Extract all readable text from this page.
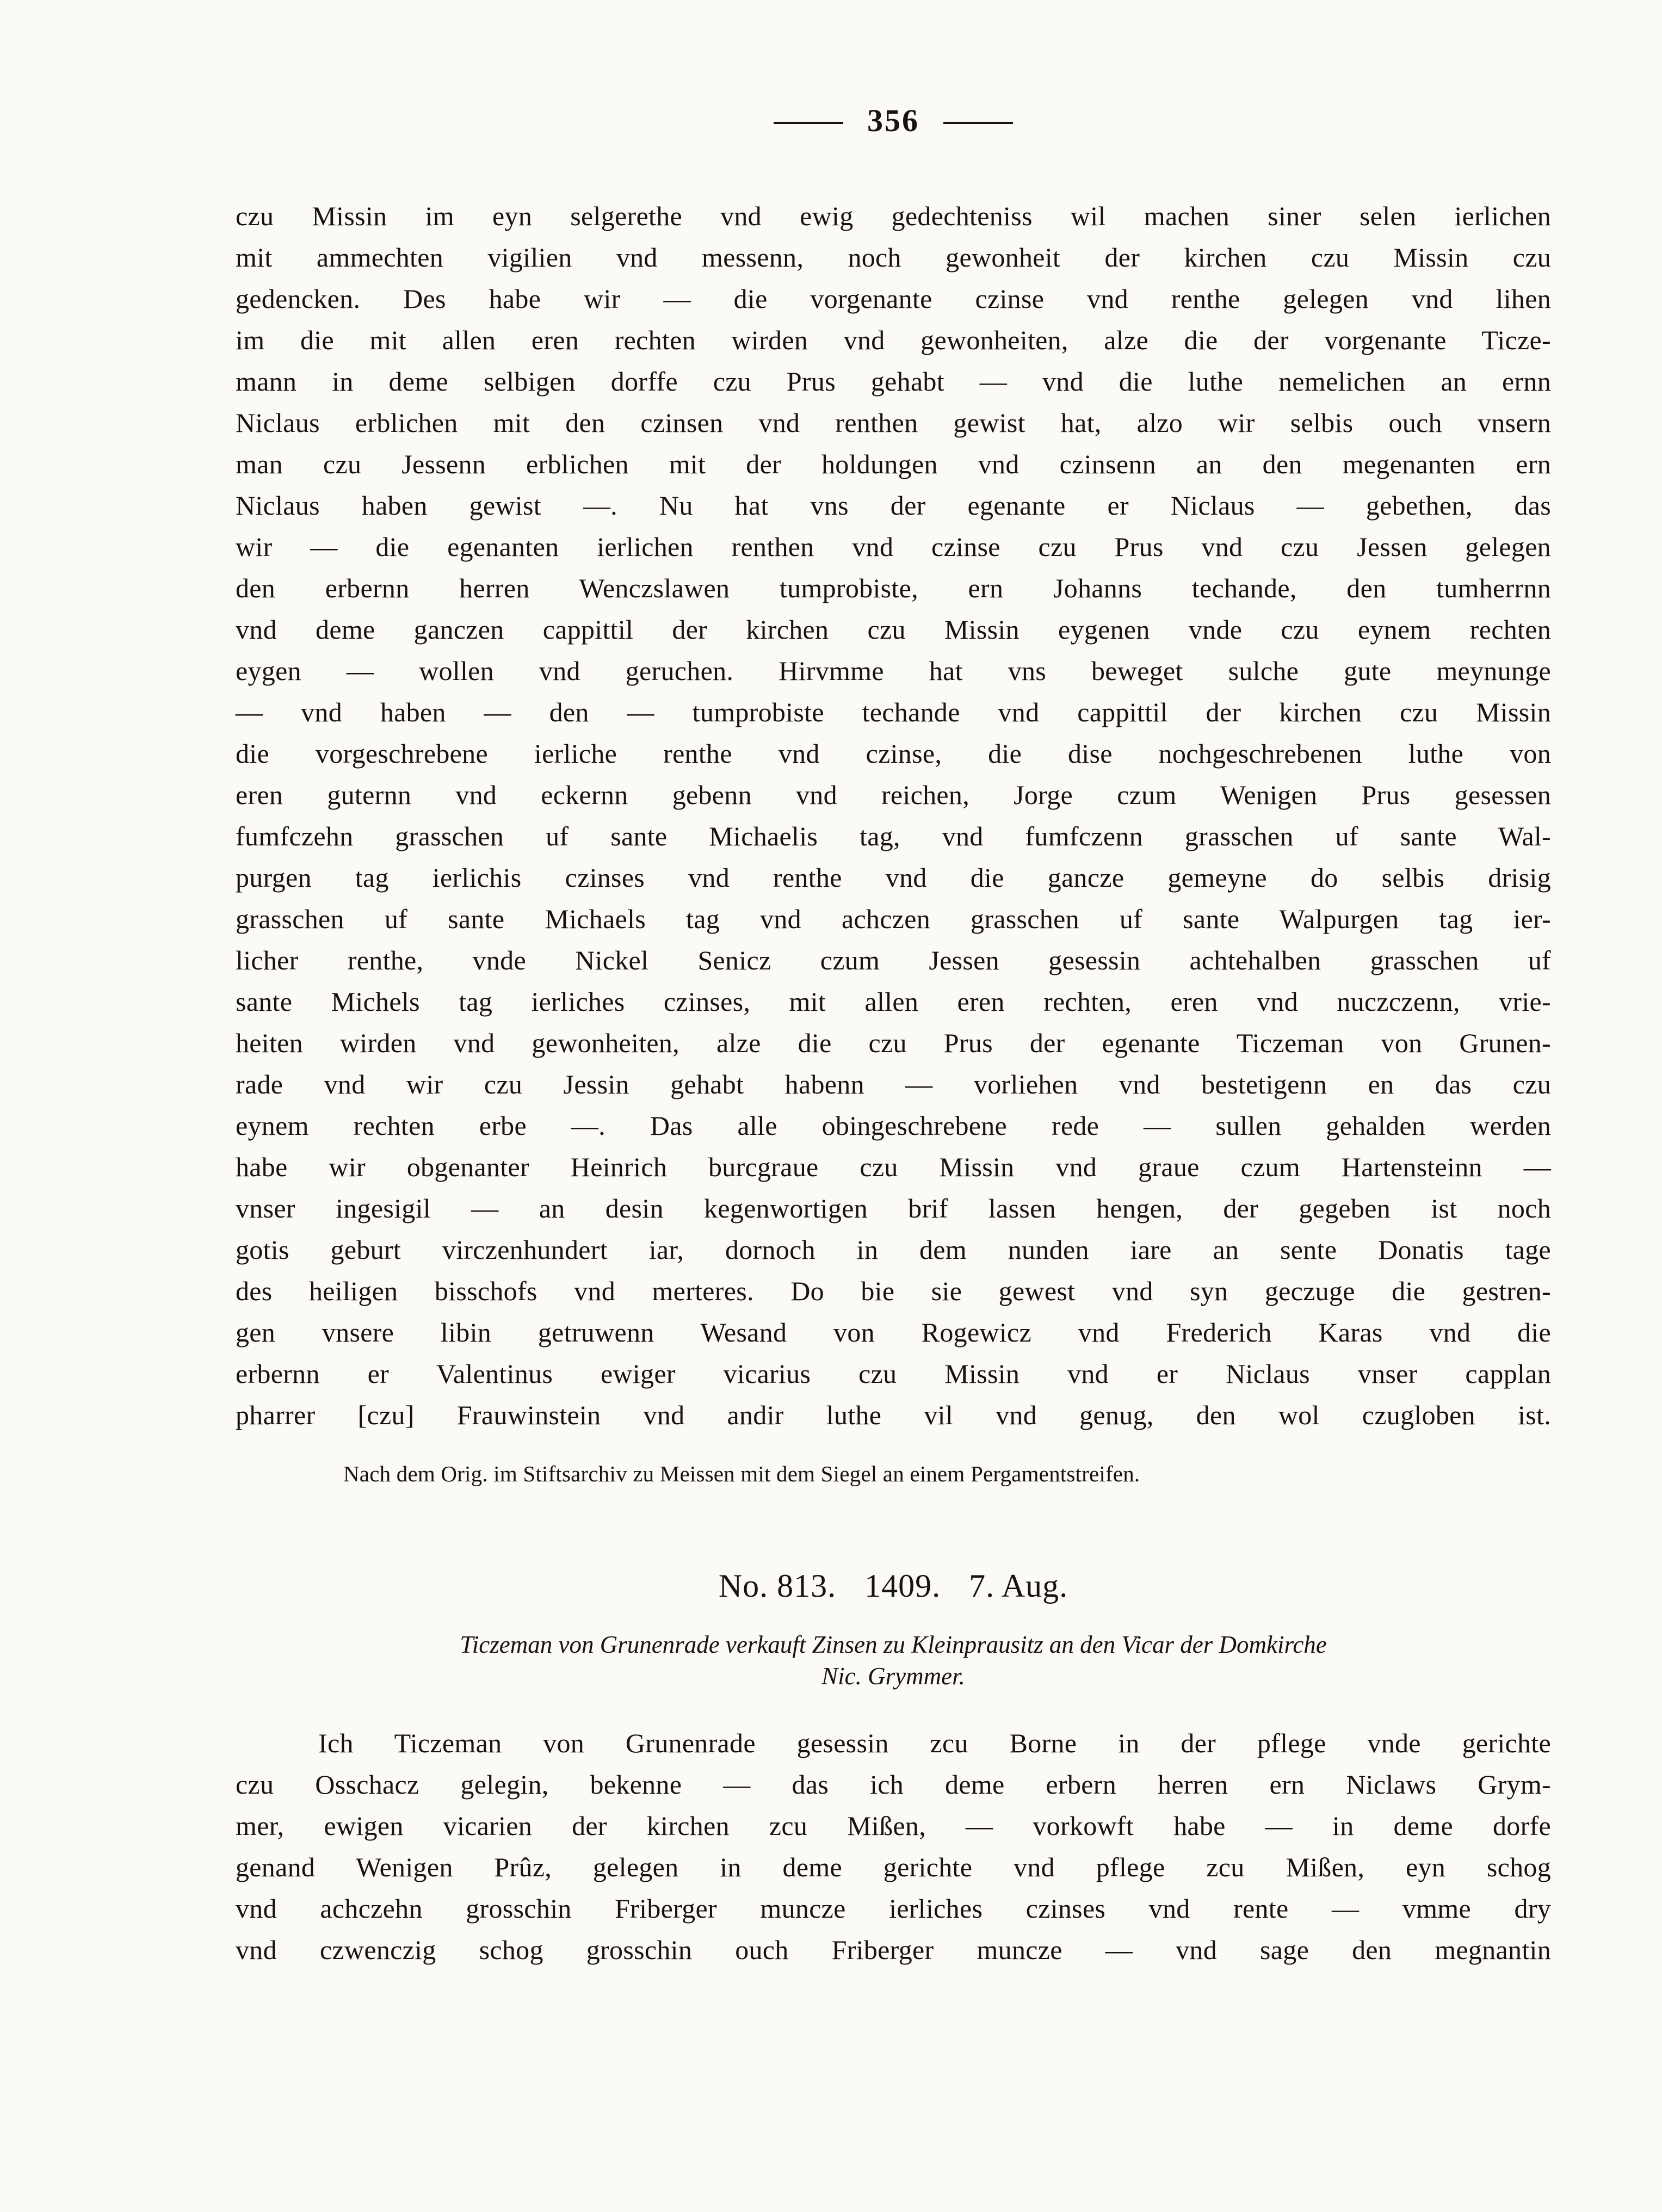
356
czu Missin im eyn selgerethe vnd ewig gedechteniss wil machen siner selen ierlichen
mit ammechten vigilien vnd messenn, noch gewonheit der kirchen czu Missin czu
gedencken. Des habe wir — die vorgenante czinse vnd renthe gelegen vnd lihen
im die mit allen eren rechten wirden vnd gewonheiten, alze die der vorgenante Ticze-
mann in deme selbigen dorffe czu Prus gehabt — vnd die luthe nemelichen an ernn
Niclaus erblichen mit den czinsen vnd renthen gewist hat, alzo wir selbis ouch vnsern
man czu Jessenn erblichen mit der holdungen vnd czinsenn an den megenanten ern
Niclaus haben gewist —. Nu hat vns der egenante er Niclaus — gebethen, das
wir — die egenanten ierlichen renthen vnd czinse czu Prus vnd czu Jessen gelegen
den erbernn herren Wenczslawen tumprobiste, ern Johanns techande, den tumherrnn
vnd deme ganczen cappittil der kirchen czu Missin eygenen vnde czu eynem rechten
eygen — wollen vnd geruchen. Hirvmme hat vns beweget sulche gute meynunge
— vnd haben — den — tumprobiste techande vnd cappittil der kirchen czu Missin
die vorgeschrebene ierliche renthe vnd czinse, die dise nochgeschrebenen luthe von
eren guternn vnd eckernn gebenn vnd reichen, Jorge czum Wenigen Prus gesessen
fumfczehn grasschen uf sante Michaelis tag, vnd fumfczenn grasschen uf sante Wal-
purgen tag ierlichis czinses vnd renthe vnd die gancze gemeyne do selbis drisig
grasschen uf sante Michaels tag vnd achczen grasschen uf sante Walpurgen tag ier-
licher renthe, vnde Nickel Senicz czum Jessen gesessin achtehalben grasschen uf
sante Michels tag ierliches czinses, mit allen eren rechten, eren vnd nuczczenn, vrie-
heiten wirden vnd gewonheiten, alze die czu Prus der egenante Ticzeman von Grunen-
rade vnd wir czu Jessin gehabt habenn — vorliehen vnd bestetigenn en das czu
eynem rechten erbe —. Das alle obingeschrebene rede — sullen gehalden werden
habe wir obgenanter Heinrich burcgraue czu Missin vnd graue czum Hartensteinn —
vnser ingesigil — an desin kegenwortigen brif lassen hengen, der gegeben ist noch
gotis geburt virczenhundert iar, dornoch in dem nunden iare an sente Donatis tage
des heiligen bisschofs vnd merteres. Do bie sie gewest vnd syn geczuge die gestren-
gen vnsere libin getruwenn Wesand von Rogewicz vnd Frederich Karas vnd die
erbernn er Valentinus ewiger vicarius czu Missin vnd er Niclaus vnser capplan
pharrer [czu] Frauwinstein vnd andir luthe vil vnd genug, den wol czugloben ist.

Nach dem Orig. im Stiftsarchiv zu Meissen mit dem Siegel an einem Pergamentstreifen.

No. 813. 1409. 7. Aug.
Ticzeman von Grunenrade verkauft Zinsen zu Kleinprausitz an den Vicar der Domkirche
Nic. Grymmer.
Ich Ticzeman von Grunenrade gesessin zcu Borne in der pflege vnde gerichte
czu Osschacz gelegin, bekenne — das ich deme erbern herren ern Niclaws Grym-
mer, ewigen vicarien der kirchen zcu Mißen, — vorkowft habe — in deme dorfe
genand Wenigen Prûz, gelegen in deme gerichte vnd pflege zcu Mißen, eyn schog
vnd achczehn grosschin Friberger muncze ierliches czinses vnd rente — vmme dry
vnd czwenczig schog grosschin ouch Friberger muncze — vnd sage den megnantin
